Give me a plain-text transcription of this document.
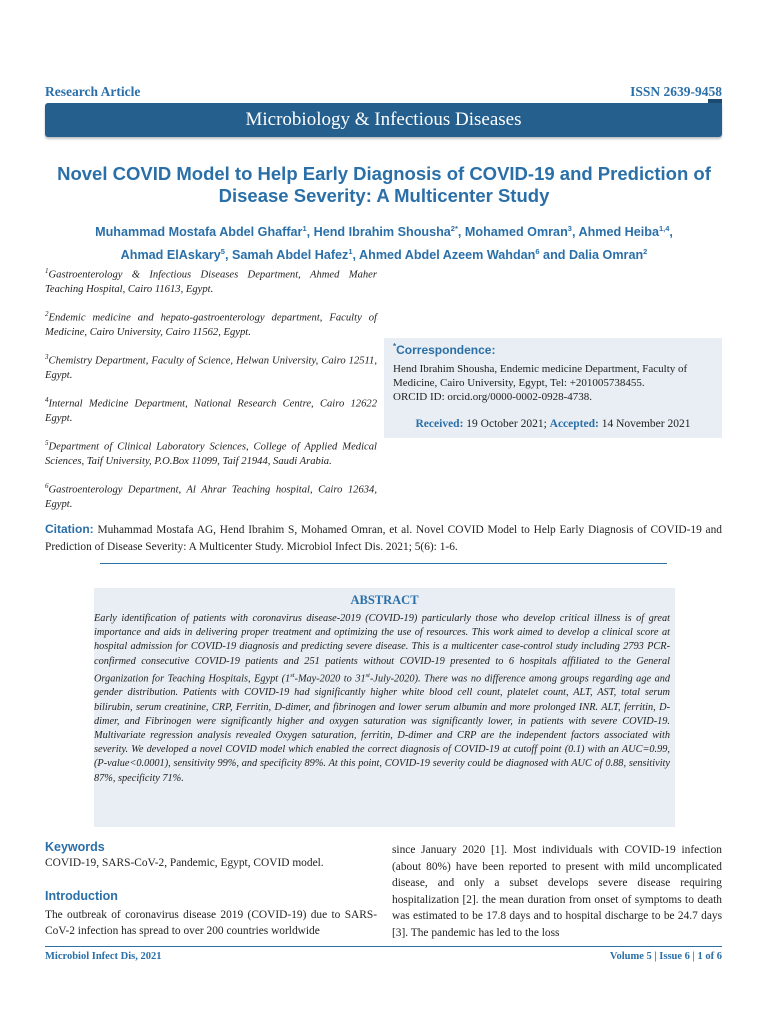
Research Article	ISSN 2639-9458
Microbiology & Infectious Diseases
Novel COVID Model to Help Early Diagnosis of COVID-19 and Prediction of Disease Severity: A Multicenter Study
Muhammad Mostafa Abdel Ghaffar$^1$, Hend Ibrahim Shousha$^{2*}$, Mohamed Omran$^3$, Ahmed Heiba$^{1,4}$,
Ahmad ElAskary$^5$, Samah Abdel Hafez$^1$, Ahmed Abdel Azeem Wahdan$^6$ and Dalia Omran$^2$
$^1$Gastroenterology & Infectious Diseases Department, Ahmed Maher Teaching Hospital, Cairo 11613, Egypt.
$^2$Endemic medicine and hepato-gastroenterology department, Faculty of Medicine, Cairo University, Cairo 11562, Egypt.
$^3$Chemistry Department, Faculty of Science, Helwan University, Cairo 12511, Egypt.
$^4$Internal Medicine Department, National Research Centre, Cairo 12622 Egypt.
$^5$Department of Clinical Laboratory Sciences, College of Applied Medical Sciences, Taif University, P.O.Box 11099, Taif 21944, Saudi Arabia.
$^6$Gastroenterology Department, Al Ahrar Teaching hospital, Cairo 12634, Egypt.
*Correspondence:
Hend Ibrahim Shousha, Endemic medicine Department, Faculty of Medicine, Cairo University, Egypt, Tel: +201005738455.
ORCID ID: orcid.org/0000-0002-0928-4738.
Received: 19 October 2021; Accepted: 14 November 2021
Citation: Muhammad Mostafa AG, Hend Ibrahim S, Mohamed Omran, et al. Novel COVID Model to Help Early Diagnosis of COVID-19 and Prediction of Disease Severity: A Multicenter Study. Microbiol Infect Dis. 2021; 5(6): 1-6.
ABSTRACT
Early identification of patients with coronavirus disease-2019 (COVID-19) particularly those who develop critical illness is of great importance and aids in delivering proper treatment and optimizing the use of resources. This work aimed to develop a clinical score at hospital admission for COVID-19 diagnosis and predicting severe disease. This is a multicenter case-control study including 2793 PCR-confirmed consecutive COVID-19 patients and 251 patients without COVID-19 presented to 6 hospitals affiliated to the General Organization for Teaching Hospitals, Egypt (1st-May-2020 to 31st-July-2020). There was no difference among groups regarding age and gender distribution. Patients with COVID-19 had significantly higher white blood cell count, platelet count, ALT, AST, total serum bilirubin, serum creatinine, CRP, Ferritin, D-dimer, and fibrinogen and lower serum albumin and more prolonged INR. ALT, ferritin, D-dimer, and Fibrinogen were significantly higher and oxygen saturation was significantly lower, in patients with severe COVID-19. Multivariate regression analysis revealed Oxygen saturation, ferritin, D-dimer and CRP are the independent factors associated with severity. We developed a novel COVID model which enabled the correct diagnosis of COVID-19 at cutoff point (0.1) with an AUC=0.99, (P-value<0.0001), sensitivity 99%, and specificity 89%. At this point, COVID-19 severity could be diagnosed with AUC of 0.88, sensitivity 87%, specificity 71%.
Keywords
COVID-19, SARS-CoV-2, Pandemic, Egypt, COVID model.
Introduction
The outbreak of coronavirus disease 2019 (COVID-19) due to SARS-CoV-2 infection has spread to over 200 countries worldwide
since January 2020 [1]. Most individuals with COVID-19 infection (about 80%) have been reported to present with mild uncomplicated disease, and only a subset develops severe disease requiring hospitalization [2]. the mean duration from onset of symptoms to death was estimated to be 17.8 days and to hospital discharge to be 24.7 days [3]. The pandemic has led to the loss
Microbiol Infect Dis, 2021	Volume 5 | Issue 6 | 1 of 6
